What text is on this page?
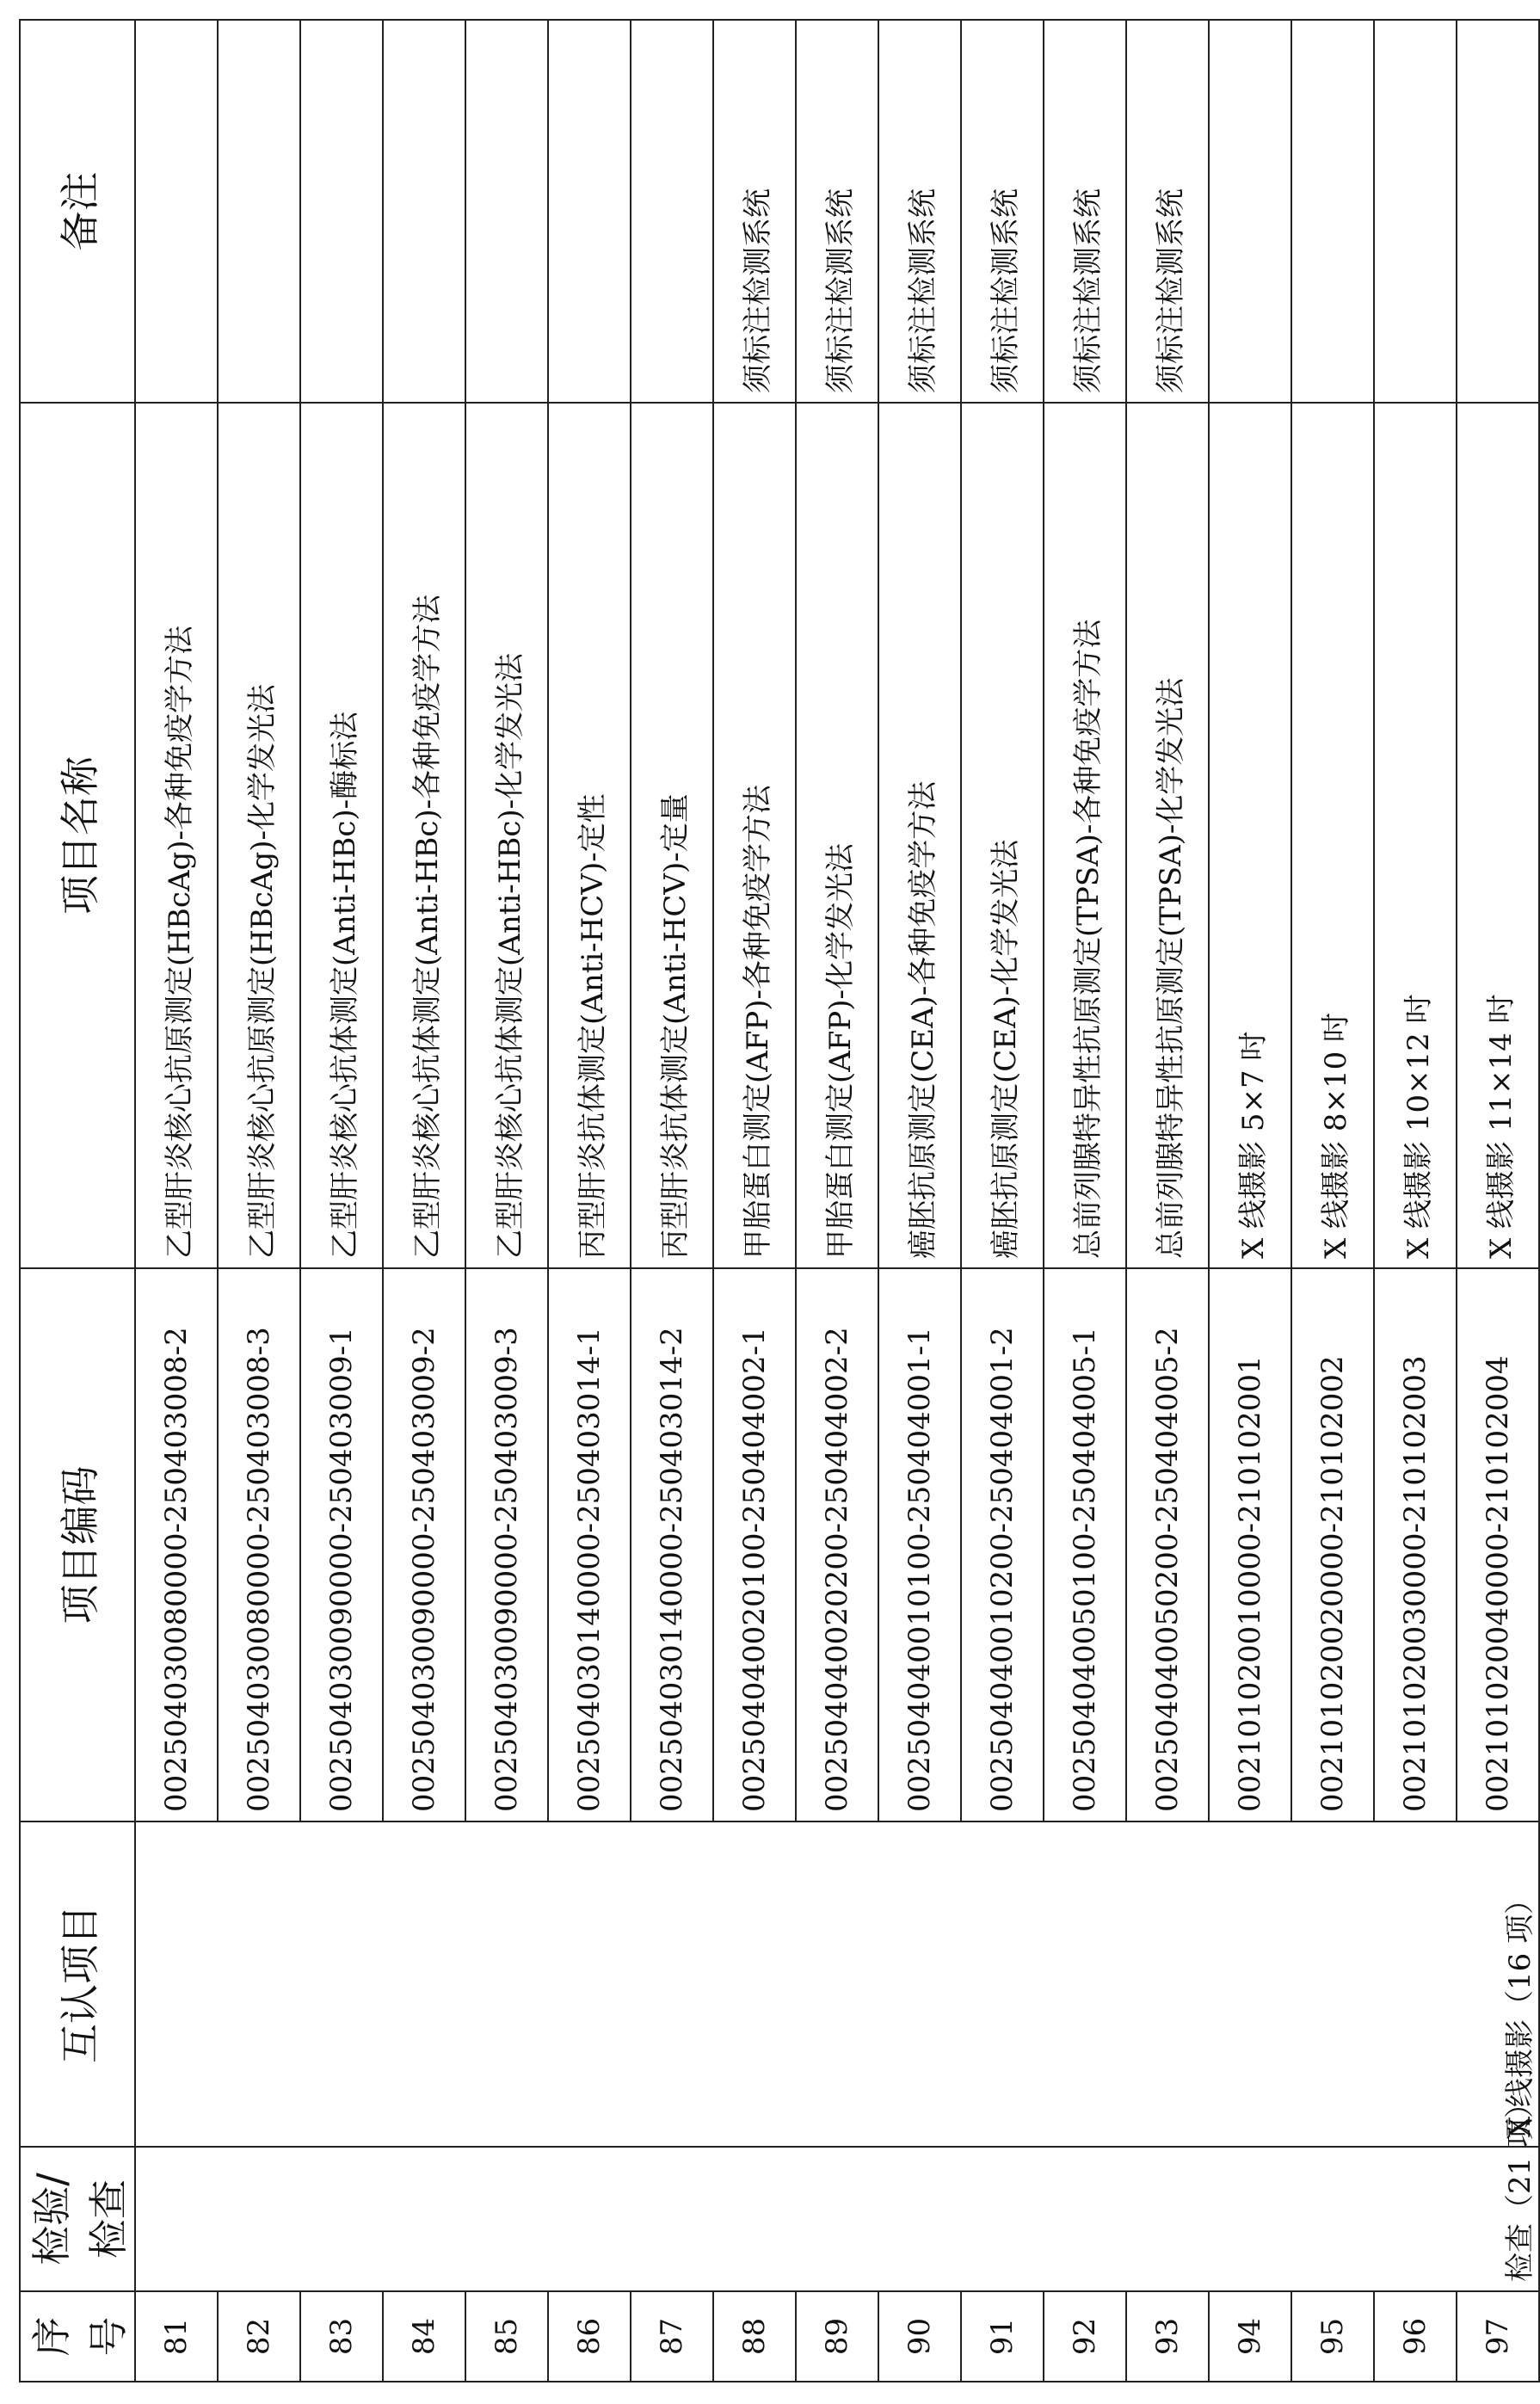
序号	检验/检查	互认项目	项目编码	项目名称	备注
81	检查（21 项）	X 线摄影（16 项）	002504030080000-250403008-2	乙型肝炎核心抗原测定(HBcAg)-各种免疫学方法	
82			002504030080000-250403008-3	乙型肝炎核心抗原测定(HBcAg)-化学发光法	
83			002504030090000-250403009-1	乙型肝炎核心抗体测定(Anti-HBc)-酶标法	
84			002504030090000-250403009-2	乙型肝炎核心抗体测定(Anti-HBc)-各种免疫学方法	
85			002504030090000-250403009-3	乙型肝炎核心抗体测定(Anti-HBc)-化学发光法	
86			002504030140000-250403014-1	丙型肝炎抗体测定(Anti-HCV)-定性	
87			002504030140000-250403014-2	丙型肝炎抗体测定(Anti-HCV)-定量	
88			002504040020100-250404002-1	甲胎蛋白测定(AFP)-各种免疫学方法	须标注检测系统
89			002504040020200-250404002-2	甲胎蛋白测定(AFP)-化学发光法	须标注检测系统
90			002504040010100-250404001-1	癌胚抗原测定(CEA)-各种免疫学方法	须标注检测系统
91			002504040010200-250404001-2	癌胚抗原测定(CEA)-化学发光法	须标注检测系统
92			002504040050100-250404005-1	总前列腺特异性抗原测定(TPSA)-各种免疫学方法	须标注检测系统
93			002504040050200-250404005-2	总前列腺特异性抗原测定(TPSA)-化学发光法	须标注检测系统
94			002101020010000-210102001	X 线摄影 5×7 吋	
95			002101020020000-210102002	X 线摄影 8×10 吋	
96			002101020030000-210102003	X 线摄影 10×12 吋	
97			002101020040000-210102004	X 线摄影 11×14 吋	
